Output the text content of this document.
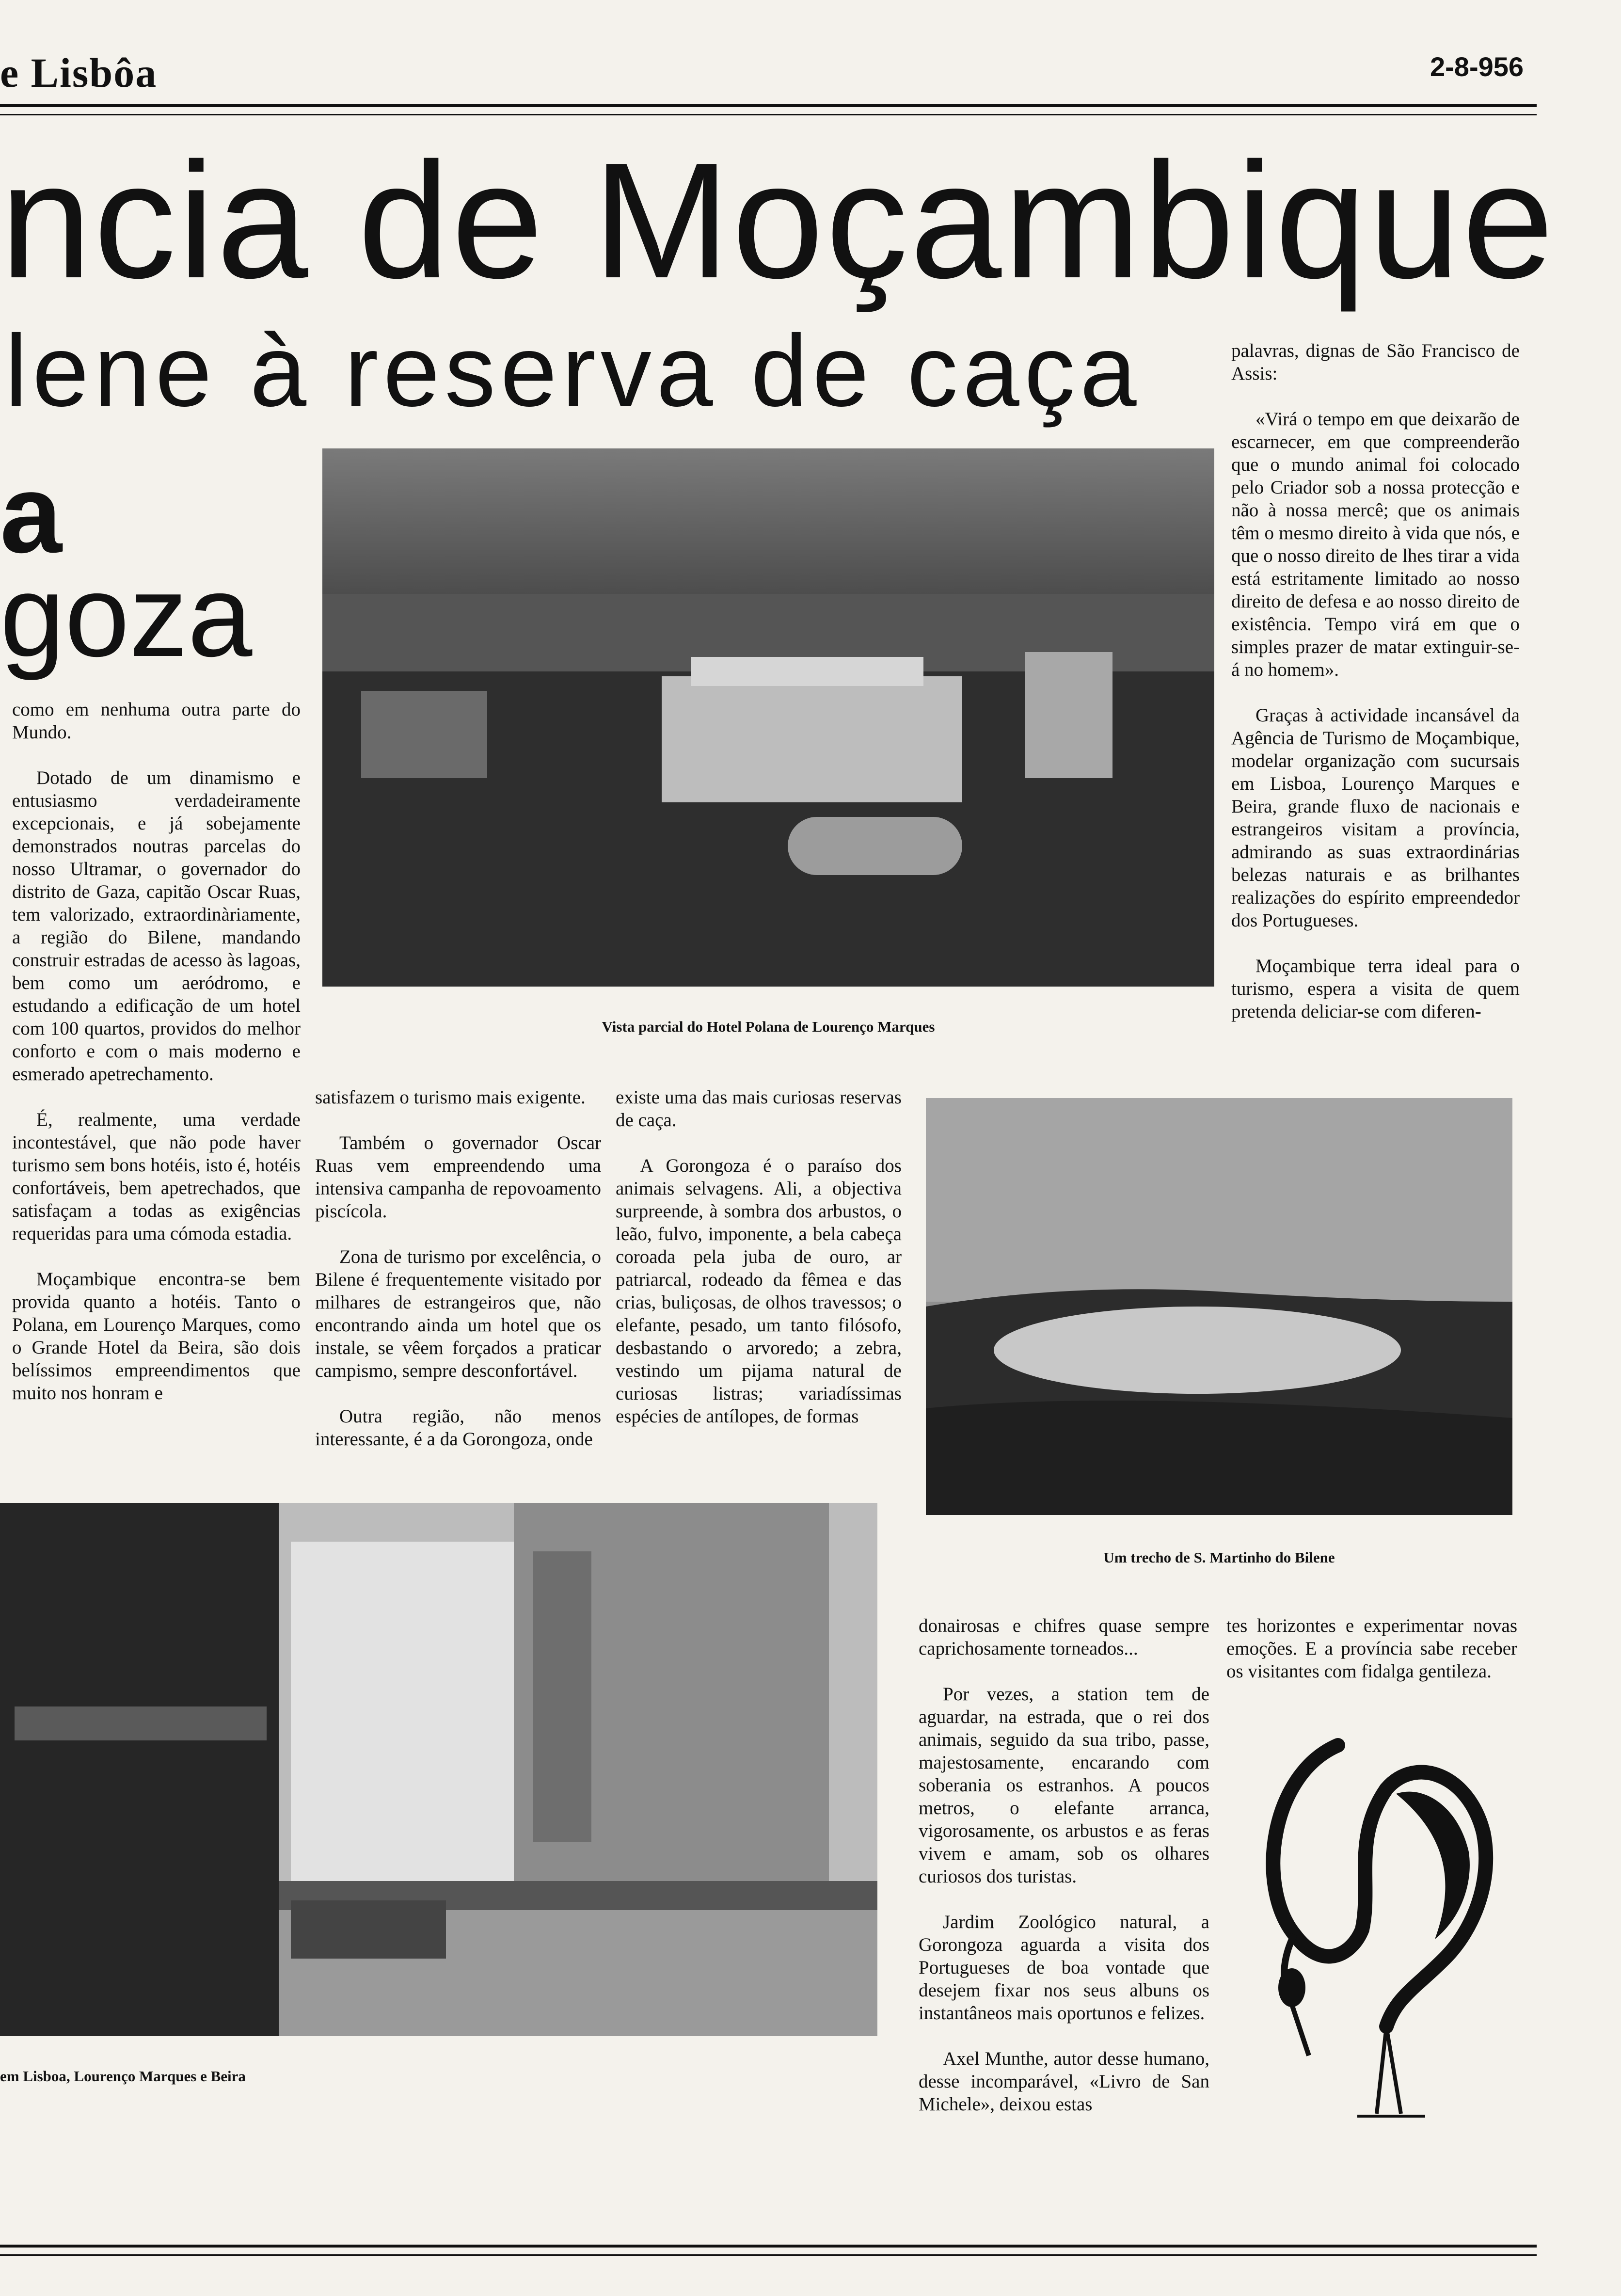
e Lisbôa	2-8-956
ncia de Moçambique
lene à reserva de caça
a
goza
Vista parcial do Hotel Polana de Lourenço Marques

como em nenhuma outra parte do Mundo.

Dotado de um dinamismo e entusiasmo verdadeiramente excepcionais, e já sobejamente demonstrados noutras parcelas do nosso Ultramar, o governador do distrito de Gaza, capitão Oscar Ruas, tem valorizado, extraordinàriamente, a região do Bilene, mandando construir estradas de acesso às lagoas, bem como um aeródromo, e estudando a edificação de um hotel com 100 quartos, providos do melhor conforto e com o mais moderno e esmerado apetrechamento.

É, realmente, uma verdade incontestável, que não pode haver turismo sem bons hotéis, isto é, hotéis confortáveis, bem apetrechados, que satisfaçam a todas as exigências requeridas para uma cómoda estadia.

Moçambique encontra-se bem provida quanto a hotéis. Tanto o Polana, em Lourenço Marques, como o Grande Hotel da Beira, são dois belíssimos empreendimentos que muito nos honram e

satisfazem o turismo mais exigente.

Também o governador Oscar Ruas vem empreendendo uma intensiva campanha de repovoamento piscícola.

Zona de turismo por excelência, o Bilene é frequentemente visitado por milhares de estrangeiros que, não encontrando ainda um hotel que os instale, se vêem forçados a praticar campismo, sempre desconfortável.

Outra região, não menos interessante, é a da Gorongoza, onde

existe uma das mais curiosas reservas de caça.

A Gorongoza é o paraíso dos animais selvagens. Ali, a objectiva surpreende, à sombra dos arbustos, o leão, fulvo, imponente, a bela cabeça coroada pela juba de ouro, ar patriarcal, rodeado da fêmea e das crias, buliçosas, de olhos travessos; o elefante, pesado, um tanto filósofo, desbastando o arvoredo; a zebra, vestindo um pijama natural de curiosas listras; variadíssimas espécies de antílopes, de formas

palavras, dignas de São Francisco de Assis:

«Virá o tempo em que deixarão de escarnecer, em que compreenderão que o mundo animal foi colocado pelo Criador sob a nossa protecção e não à nossa mercê; que os animais têm o mesmo direito à vida que nós, e que o nosso direito de lhes tirar a vida está estritamente limitado ao nosso direito de defesa e ao nosso direito de existência. Tempo virá em que o simples prazer de matar extinguir-se-á no homem».

Graças à actividade incansável da Agência de Turismo de Moçambique, modelar organização com sucursais em Lisboa, Lourenço Marques e Beira, grande fluxo de nacionais e estrangeiros visitam a província, admirando as suas extraordinárias belezas naturais e as brilhantes realizações do espírito empreendedor dos Portugueses.

Moçambique terra ideal para o turismo, espera a visita de quem pretenda deliciar-se com diferen-

Um trecho de S. Martinho do Bilene
em Lisboa, Lourenço Marques e Beira

donairosas e chifres quase sempre caprichosamente torneados...

Por vezes, a station tem de aguardar, na estrada, que o rei dos animais, seguido da sua tribo, passe, majestosamente, encarando com soberania os estranhos. A poucos metros, o elefante arranca, vigorosamente, os arbustos e as feras vivem e amam, sob os olhares curiosos dos turistas.

Jardim Zoológico natural, a Gorongoza aguarda a visita dos Portugueses de boa vontade que desejem fixar nos seus albuns os instantâneos mais oportunos e felizes.

Axel Munthe, autor desse humano, desse incomparável, «Livro de San Michele», deixou estas

tes horizontes e experimentar novas emoções. E a província sabe receber os visitantes com fidalga gentileza.
